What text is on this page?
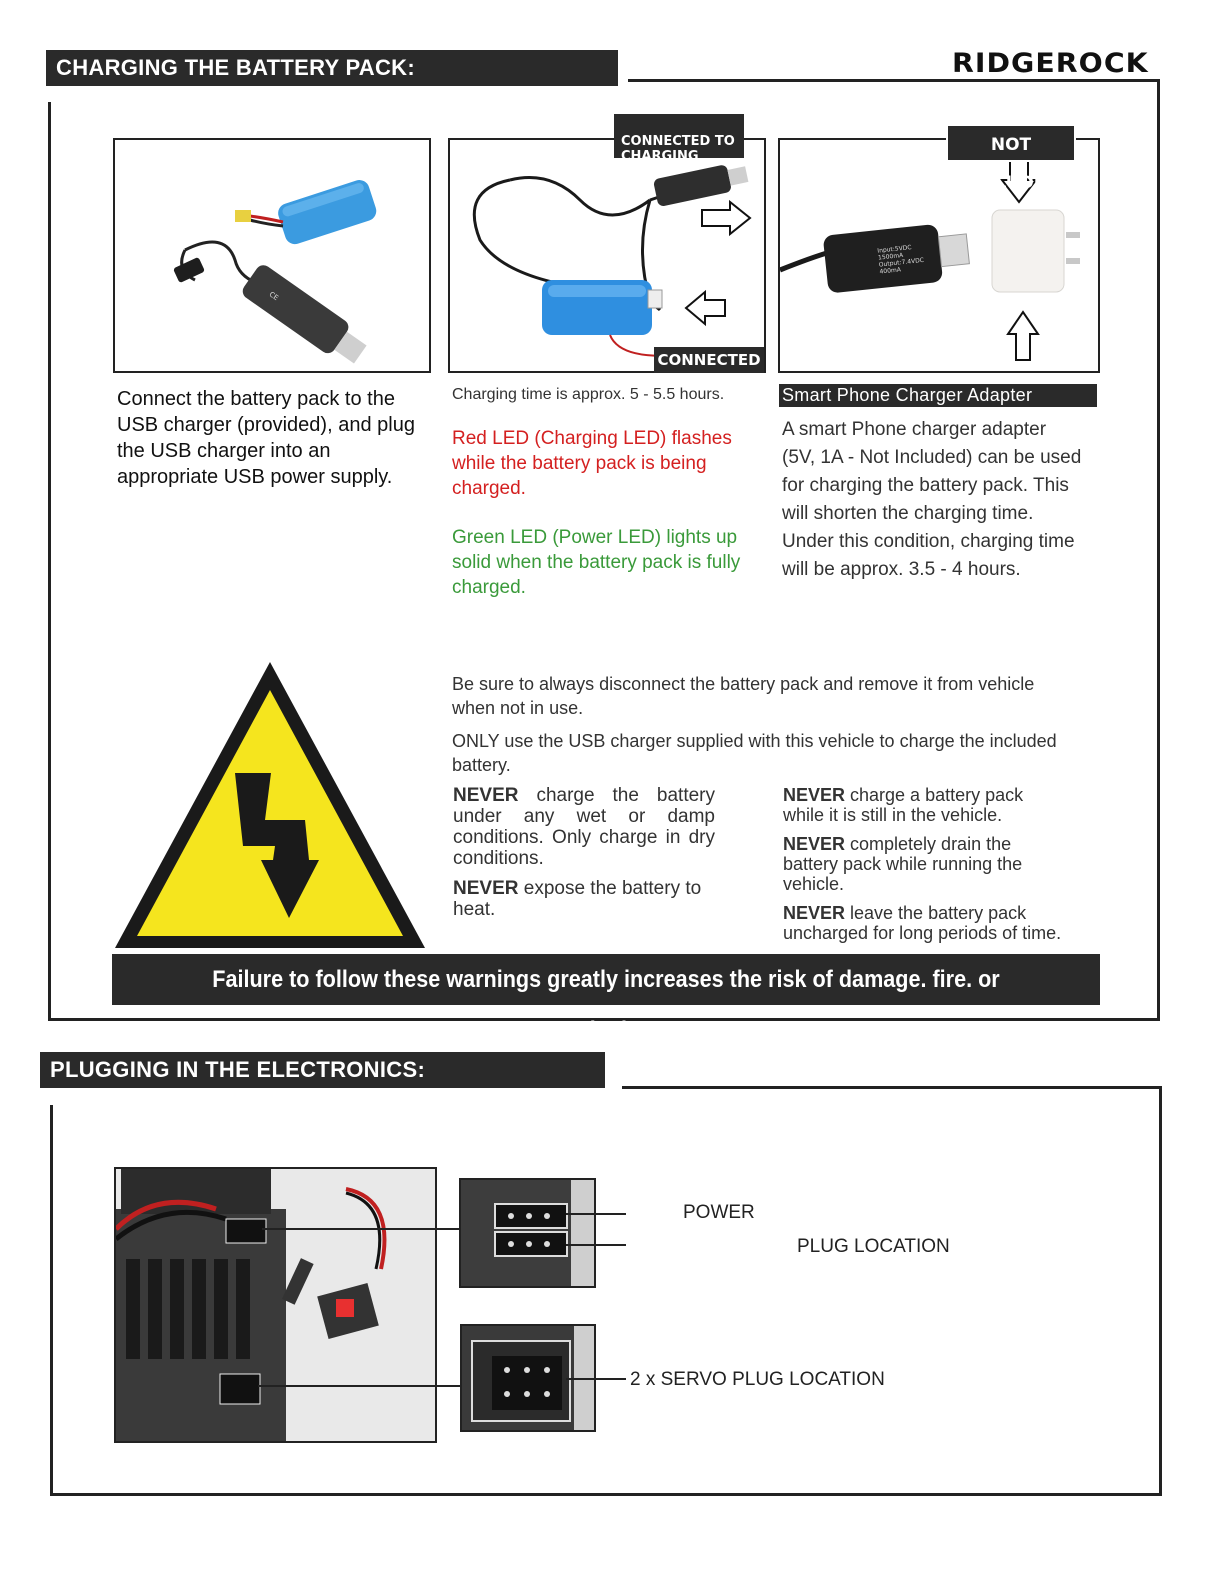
CHARGING THE BATTERY PACK:	RIDGEROCK
CE

CONNECTED TO
CHARGING SLOT

CONNECTED

Input:5VDC
1500mA
Output:7.4VDC
400mA

NOT INCLUDED
Connect the battery pack to the USB charger (provided), and plug the USB charger into an appropriate USB power supply.
Charging time is approx. 5 - 5.5 hours.
Red LED (Charging LED) flashes while the battery pack is being charged.
Green LED (Power LED) lights up solid when the battery pack is fully charged.
Smart Phone Charger Adapter
A smart Phone charger adapter (5V, 1A - Not Included) can be used for charging the battery pack. This will shorten the charging time. Under this condition, charging time will be approx. 3.5 - 4 hours.
Be sure to always disconnect the battery pack and remove it from vehicle when not in use.
ONLY use the USB charger supplied with this vehicle to charge the included battery.
NEVER charge the battery under any wet or damp conditions. Only charge in dry conditions.
NEVER expose the battery to heat.
NEVER charge a battery pack while it is still in the vehicle.
NEVER completely drain the battery pack while running the vehicle.
NEVER leave the battery pack uncharged for long periods of time.
Failure to follow these warnings greatly increases the risk of damage. fire. or explosion.
PLUGGING IN THE ELECTRONICS:
POWER
PLUG LOCATION
2 x SERVO PLUG LOCATION
